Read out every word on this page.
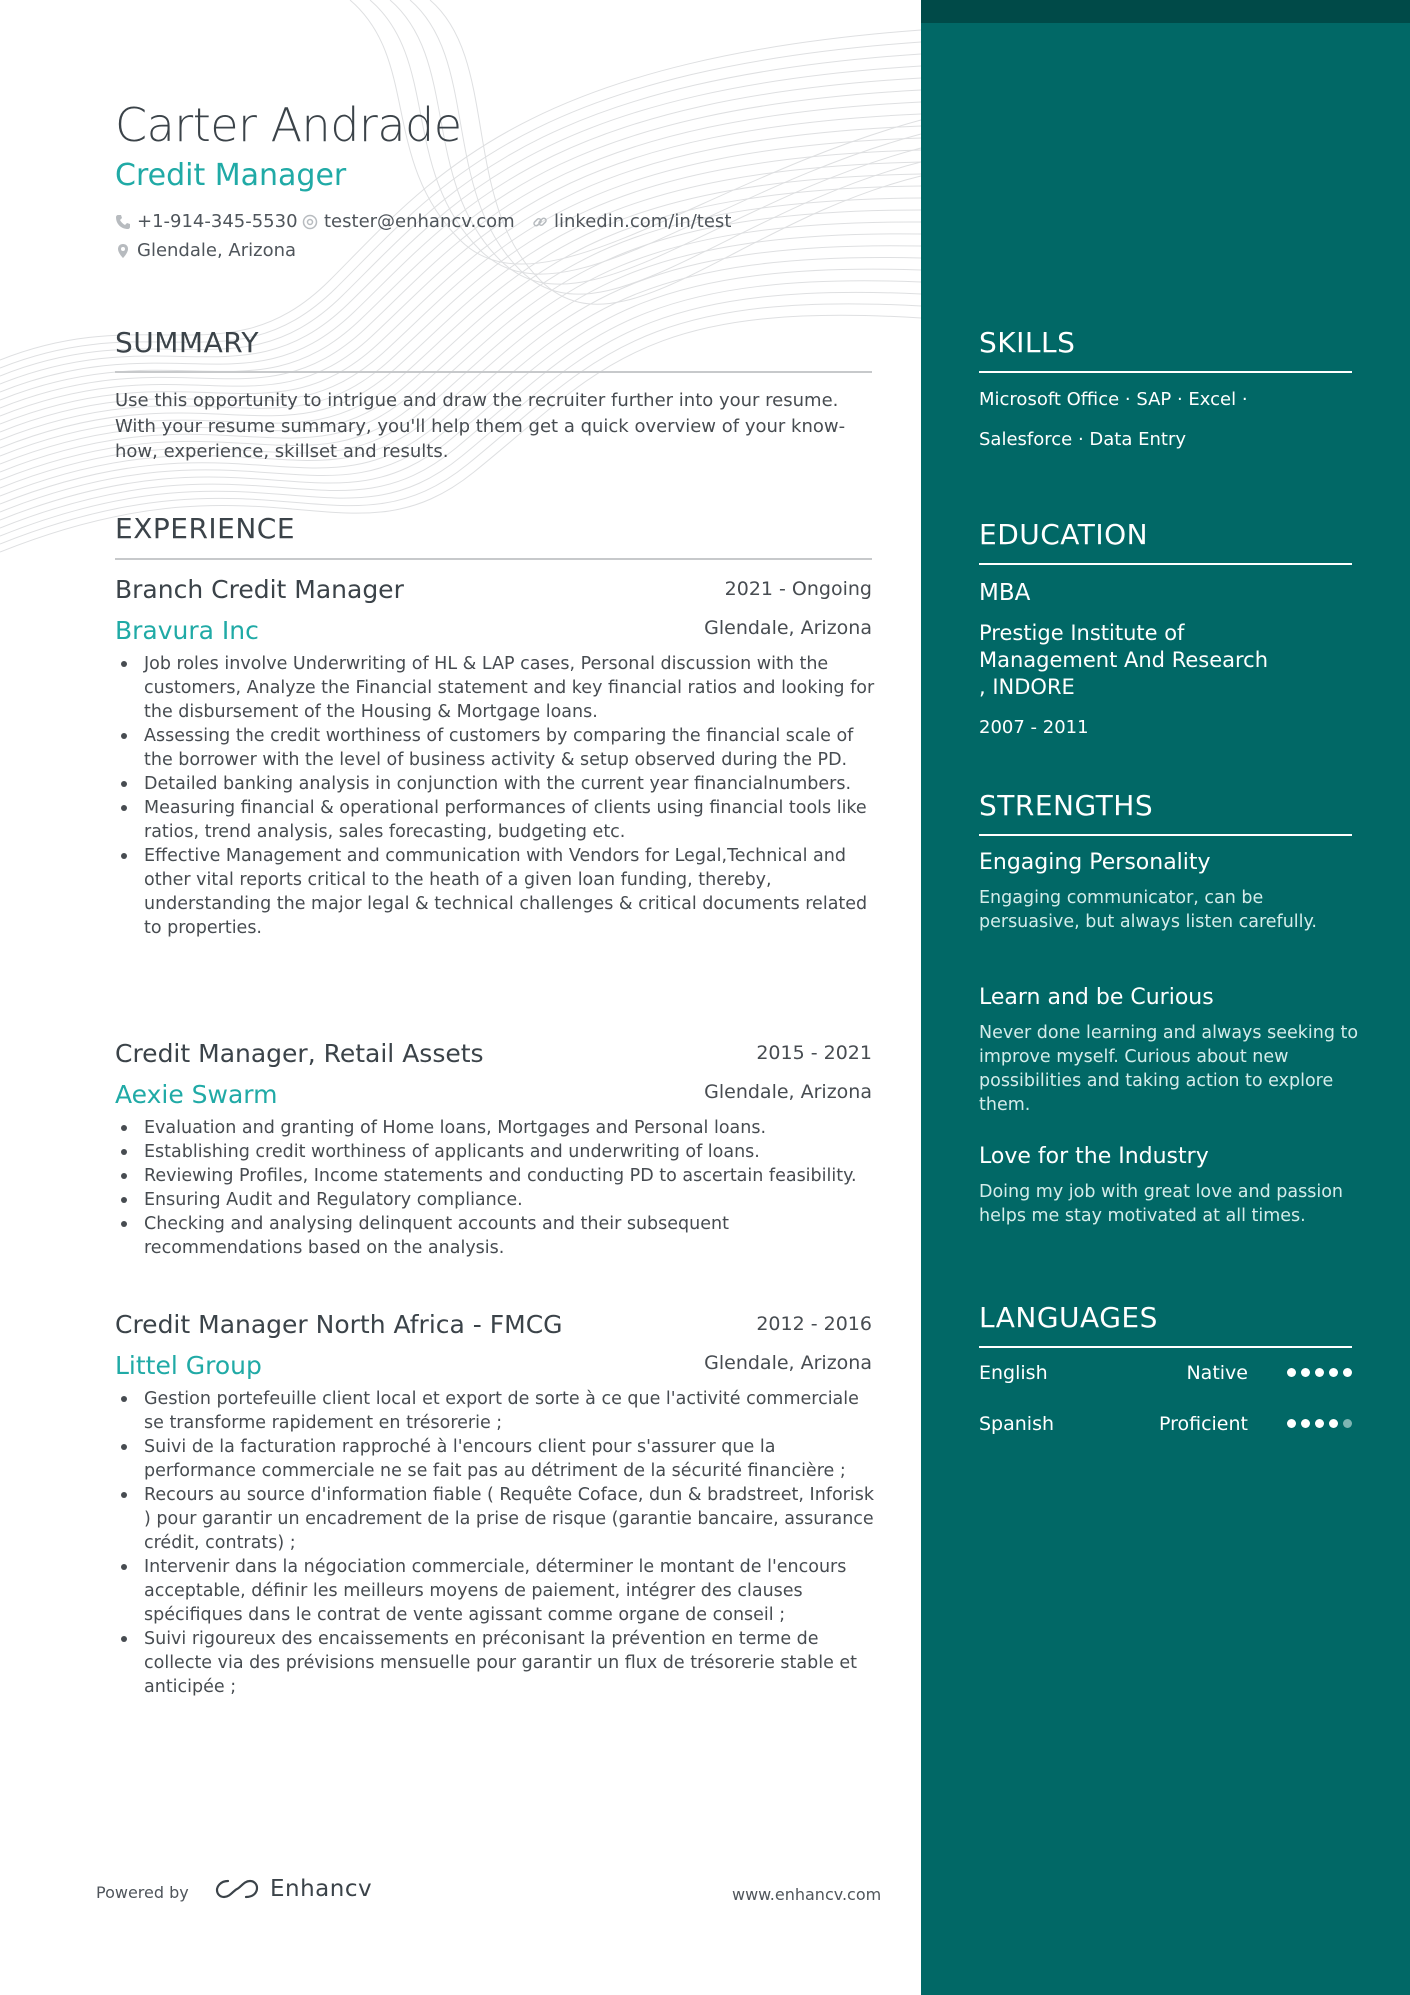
Carter Andrade
Credit Manager
+1-914-345-5530 tester@enhancv.com linkedin.com/in/test
Glendale, Arizona
SUMMARY
Use this opportunity to intrigue and draw the recruiter further into your resume. With your resume summary, you'll help them get a quick overview of your know-how, experience, skillset and results.
EXPERIENCE
Branch Credit Manager	2021 - Ongoing
Bravura Inc	Glendale, Arizona
Job roles involve Underwriting of HL & LAP cases, Personal discussion with the customers, Analyze the Financial statement and key financial ratios and looking for the disbursement of the Housing & Mortgage loans.
Assessing the credit worthiness of customers by comparing the financial scale of the borrower with the level of business activity & setup observed during the PD.
Detailed banking analysis in conjunction with the current year financialnumbers.
Measuring financial & operational performances of clients using financial tools like ratios, trend analysis, sales forecasting, budgeting etc.
Effective Management and communication with Vendors for Legal,Technical and other vital reports critical to the heath of a given loan funding, thereby, understanding the major legal & technical challenges & critical documents related to properties.
Credit Manager, Retail Assets	2015 - 2021
Aexie Swarm	Glendale, Arizona
Evaluation and granting of Home loans, Mortgages and Personal loans.
Establishing credit worthiness of applicants and underwriting of loans.
Reviewing Profiles, Income statements and conducting PD to ascertain feasibility.
Ensuring Audit and Regulatory compliance.
Checking and analysing delinquent accounts and their subsequent recommendations based on the analysis.
Credit Manager North Africa - FMCG	2012 - 2016
Littel Group	Glendale, Arizona
Gestion portefeuille client local et export de sorte à ce que l'activité commerciale se transforme rapidement en trésorerie ;
Suivi de la facturation rapproché à l'encours client pour s'assurer que la performance commerciale ne se fait pas au détriment de la sécurité financière ;
Recours au source d'information fiable ( Requête Coface, dun & bradstreet, Inforisk ) pour garantir un encadrement de la prise de risque (garantie bancaire, assurance crédit, contrats) ;
Intervenir dans la négociation commerciale, déterminer le montant de l'encours acceptable, définir les meilleurs moyens de paiement, intégrer des clauses spécifiques dans le contrat de vente agissant comme organe de conseil ;
Suivi rigoureux des encaissements en préconisant la prévention en terme de collecte via des prévisions mensuelle pour garantir un flux de trésorerie stable et anticipée ;
Powered by	Enhancv	www.enhancv.com
SKILLS
Microsoft Office · SAP · Excel ·
Salesforce · Data Entry
EDUCATION
MBA
Prestige Institute of
Management And Research
, INDORE
2007 - 2011
STRENGTHS
Engaging Personality
Engaging communicator, can be persuasive, but always listen carefully.
Learn and be Curious
Never done learning and always seeking to improve myself. Curious about new possibilities and taking action to explore them.
Love for the Industry
Doing my job with great love and passion helps me stay motivated at all times.
LANGUAGES
English	Native
Spanish	Proficient
